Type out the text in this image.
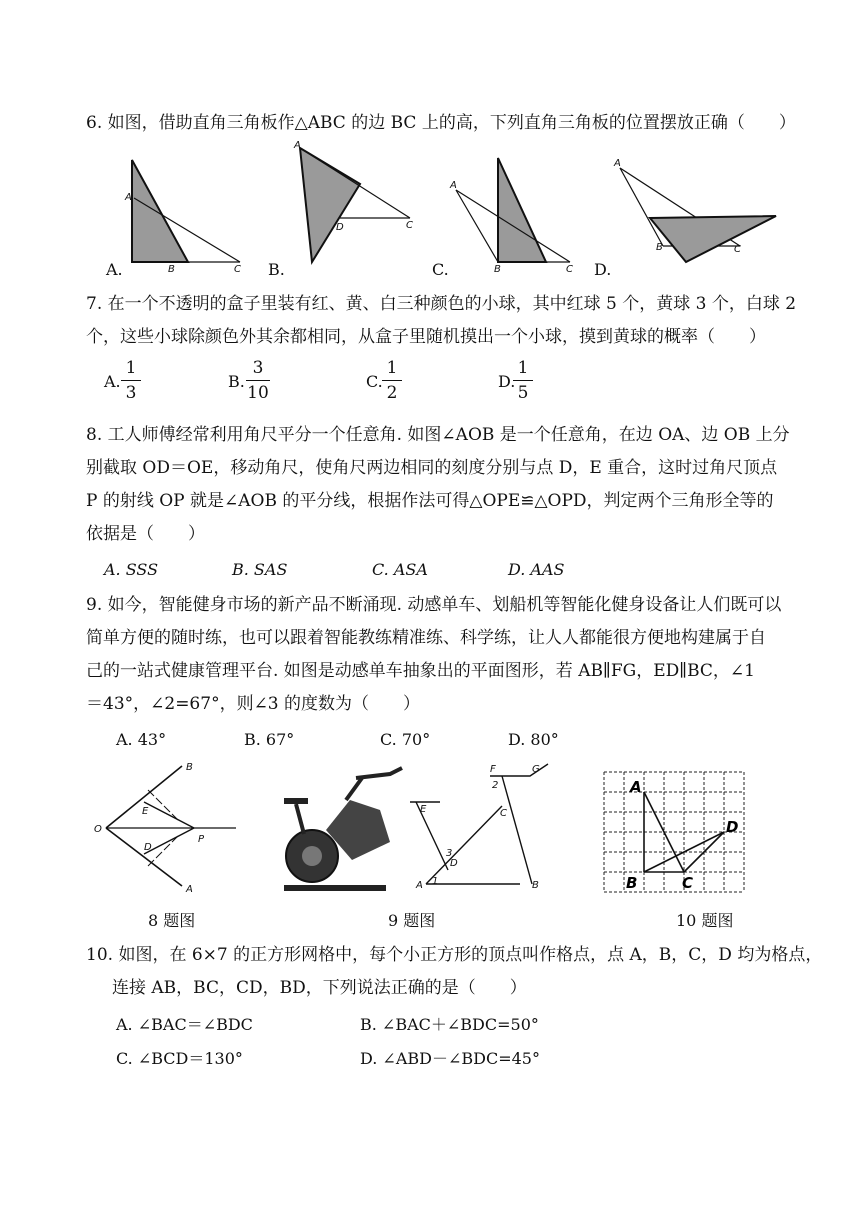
6. 如图，借助直角三角板作△ABC 的边 BC 上的高，下列直角三角板的位置摆放正确（　　）
A
B	C
A
D	C
A
B	C
A
B	C
A.	B.	C.	D.
7. 在一个不透明的盒子里装有红、黄、白三种颜色的小球，其中红球 5 个，黄球 3 个，白球 2
个，这些小球除颜色外其余都相同，从盒子里随机摸出一个小球，摸到黄球的概率（　　）
A.
1
3
B.
3
10
C.
1
2
D.
1
5
8. 工人师傅经常利用角尺平分一个任意角. 如图∠AOB 是一个任意角，在边 OA、边 OB 上分
别截取 OD＝OE，移动角尺，使角尺两边相同的刻度分别与点 D，E 重合，这时过角尺顶点
P 的射线 OP 就是∠AOB 的平分线，根据作法可得△OPE≌△OPD，判定两个三角形全等的
依据是（　　）
A. SSS	B. SAS	C. ASA	D. AAS
9. 如今，智能健身市场的新产品不断涌现. 动感单车、划船机等智能化健身设备让人们既可以
简单方便的随时练，也可以跟着智能教练精准练、科学练，让人人都能很方便地构建属于自
己的一站式健康管理平台. 如图是动感单车抽象出的平面图形，若 AB∥FG，ED∥BC，∠1
＝43°，∠2=67°，则∠3 的度数为（　　）
A. 43°	B. 67°	C. 70°	D. 80°
B
E
O
D
P
A
F	G
2
E	C
3
D
A 1	B
A
D
B	C
8 题图	9 题图	10 题图
10. 如图，在 6×7 的正方形网格中，每个小正方形的顶点叫作格点，点 A，B，C，D 均为格点，
连接 AB，BC，CD，BD，下列说法正确的是（　　）
A. ∠BAC＝∠BDC	B. ∠BAC＋∠BDC=50°
C. ∠BCD＝130°	D. ∠ABD－∠BDC=45°
